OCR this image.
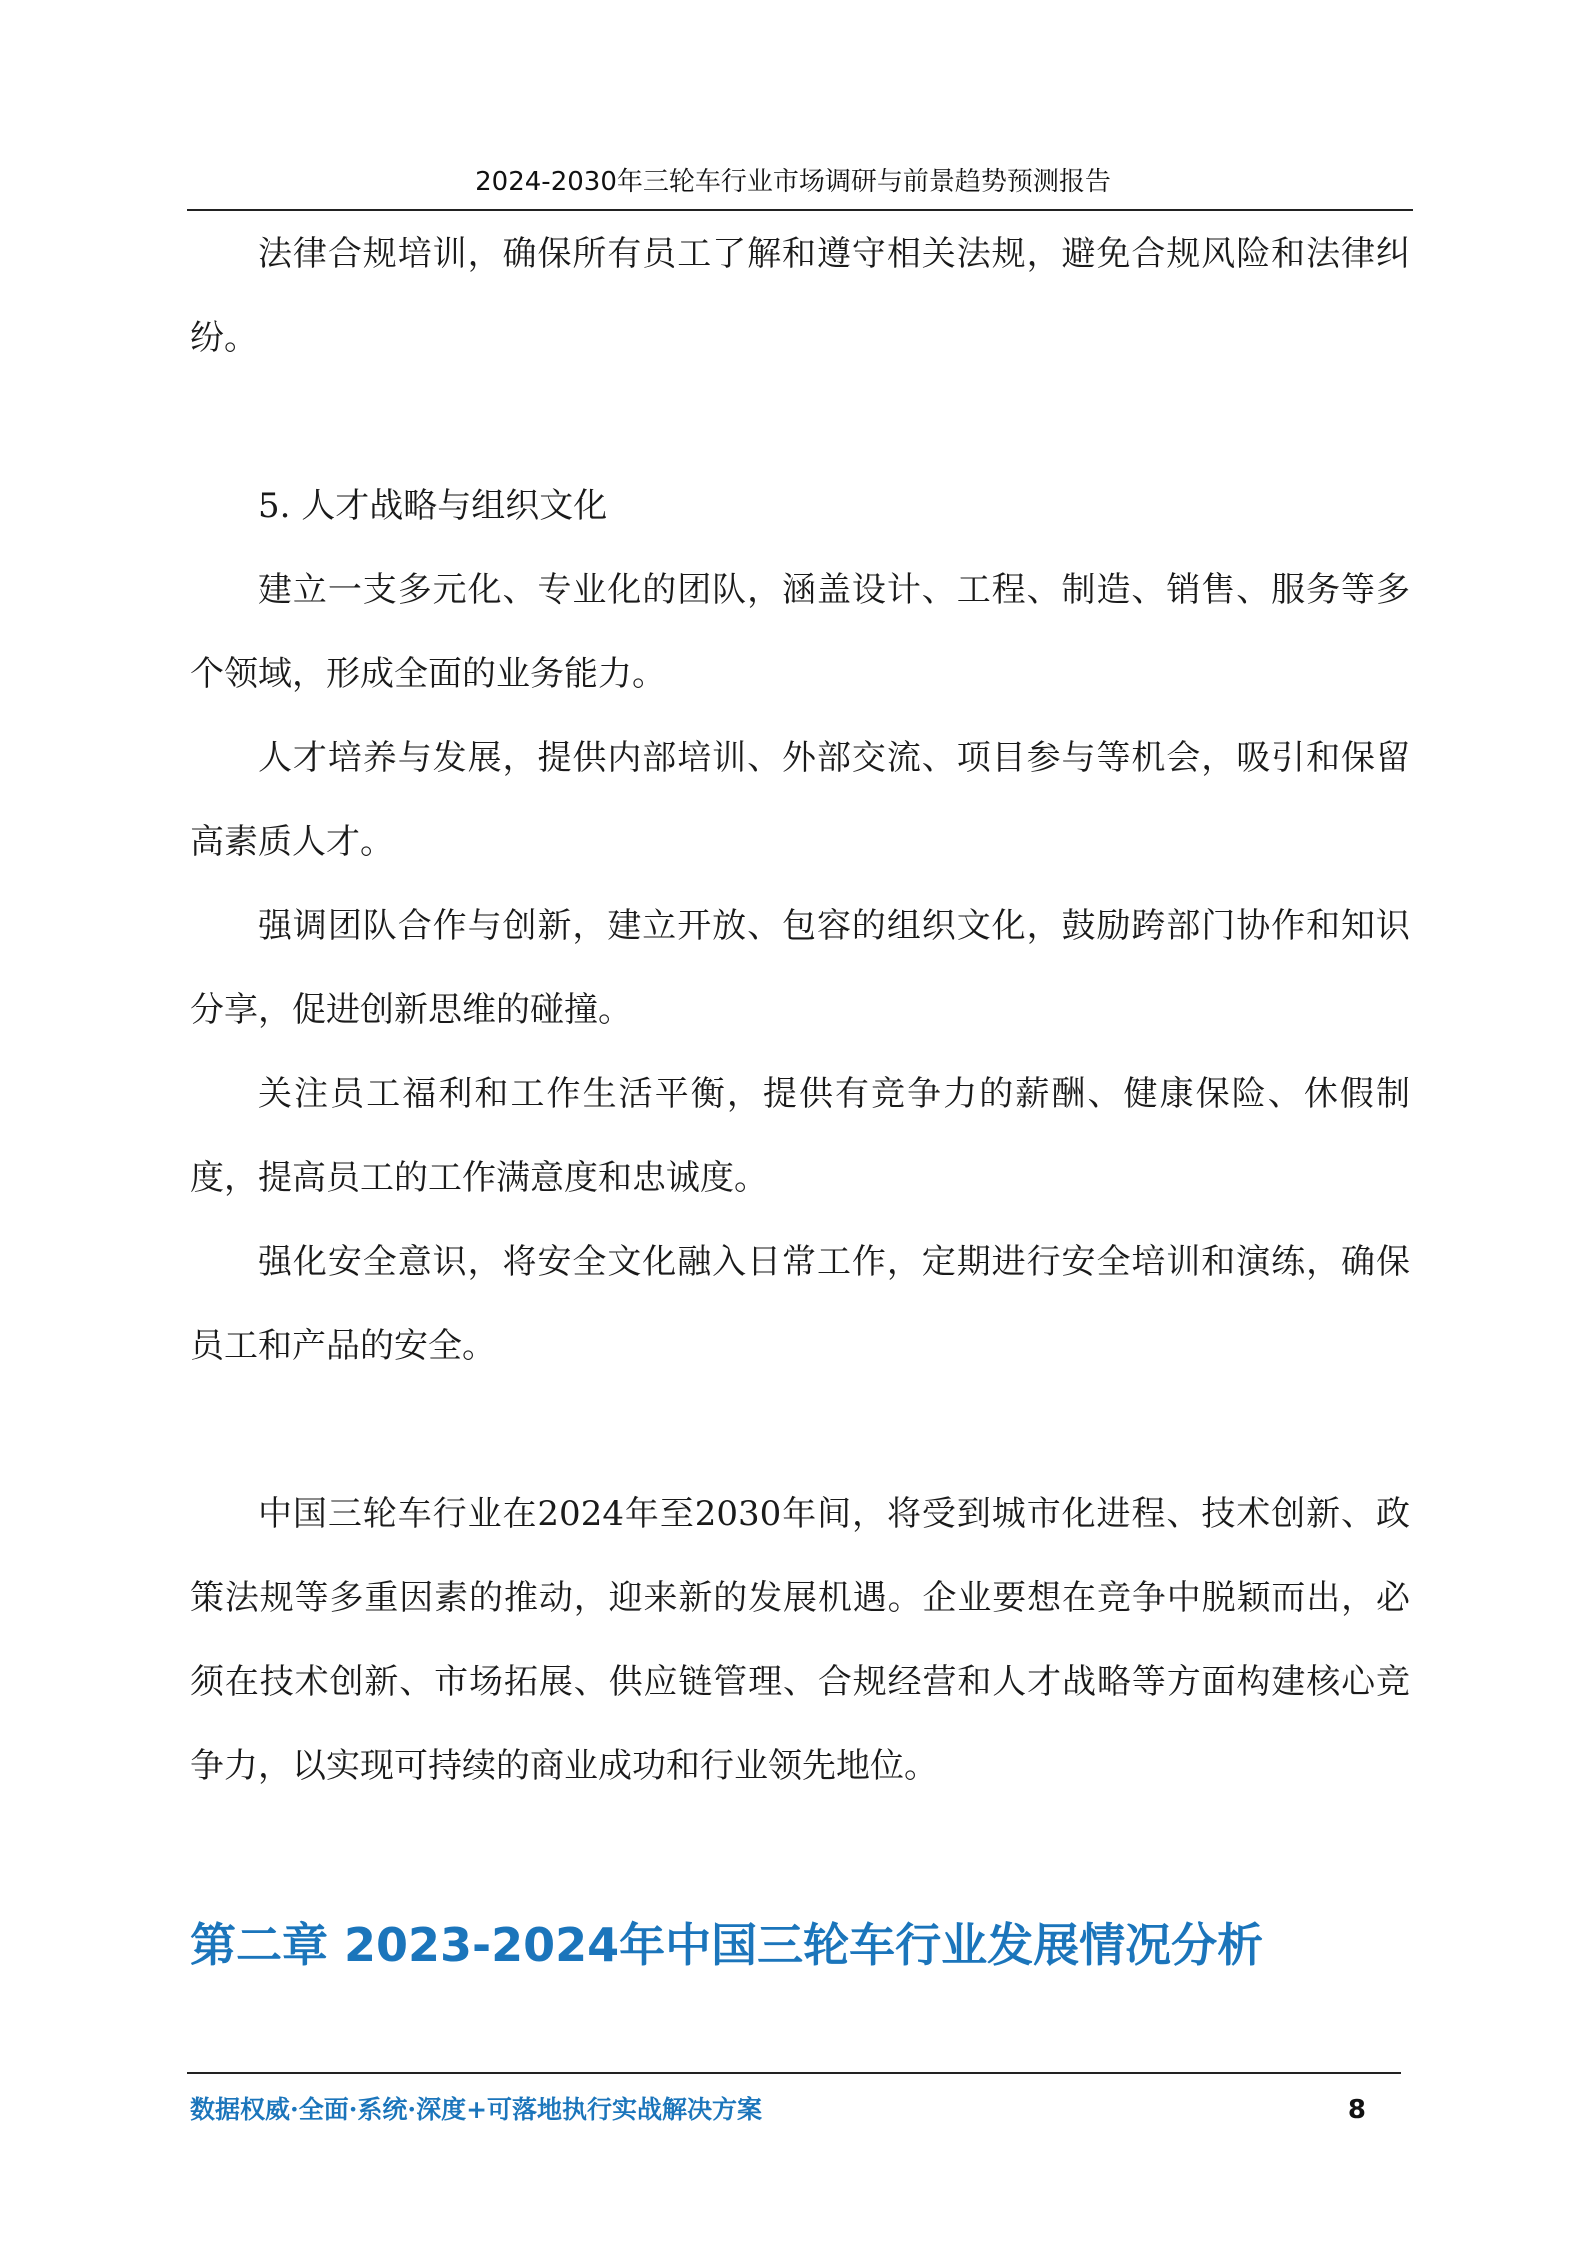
2024-2030年三轮车行业市场调研与前景趋势预测报告

法律合规培训，确保所有员工了解和遵守相关法规，避免合规风险和法律纠纷。

5. 人才战略与组织文化

建立一支多元化、专业化的团队，涵盖设计、工程、制造、销售、服务等多个领域，形成全面的业务能力。

人才培养与发展，提供内部培训、外部交流、项目参与等机会，吸引和保留高素质人才。

强调团队合作与创新，建立开放、包容的组织文化，鼓励跨部门协作和知识分享，促进创新思维的碰撞。

关注员工福利和工作生活平衡，提供有竞争力的薪酬、健康保险、休假制度，提高员工的工作满意度和忠诚度。

强化安全意识，将安全文化融入日常工作，定期进行安全培训和演练，确保员工和产品的安全。

中国三轮车行业在2024年至2030年间，将受到城市化进程、技术创新、政策法规等多重因素的推动，迎来新的发展机遇。企业要想在竞争中脱颖而出，必须在技术创新、市场拓展、供应链管理、合规经营和人才战略等方面构建核心竞争力，以实现可持续的商业成功和行业领先地位。

第二章 2023-2024年中国三轮车行业发展情况分析
数据权威·全面·系统·深度+可落地执行实战解决方案	8
